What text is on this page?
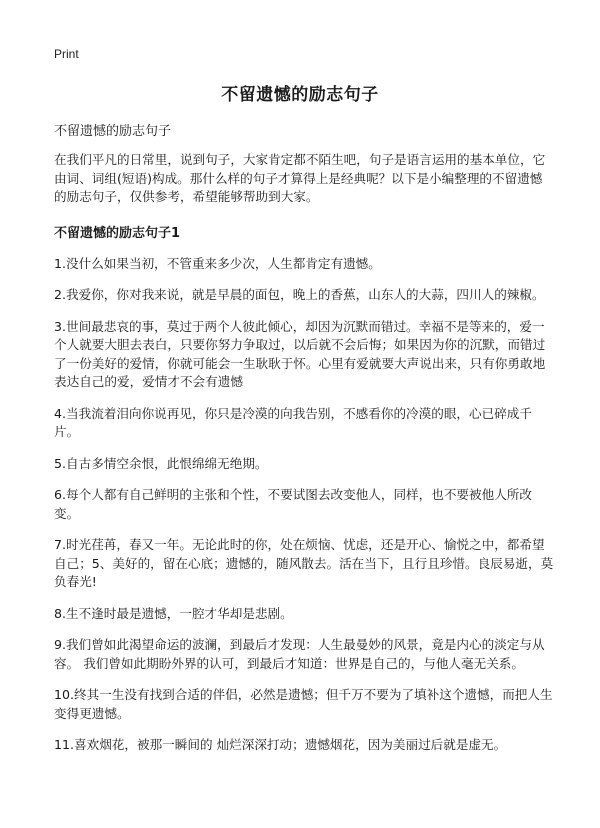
Print
不留遗憾的励志句子

不留遗憾的励志句子

在我们平凡的日常里，说到句子，大家肯定都不陌生吧，句子是语言运用的基本单位，它由词、词组(短语)构成。那什么样的句子才算得上是经典呢？以下是小编整理的不留遗憾的励志句子，仅供参考，希望能够帮助到大家。

不留遗憾的励志句子1

1.没什么如果当初，不管重来多少次，人生都肯定有遗憾。

2.我爱你，你对我来说，就是早晨的面包，晚上的香蕉，山东人的大蒜，四川人的辣椒。

3.世间最悲哀的事，莫过于两个人彼此倾心，却因为沉默而错过。幸福不是等来的，爱一个人就要大胆去表白，只要你努力争取过，以后就不会后悔；如果因为你的沉默，而错过了一份美好的爱情，你就可能会一生耿耿于怀。心里有爱就要大声说出来，只有你勇敢地表达自己的爱，爱情才不会有遗憾

4.当我流着泪向你说再见，你只是冷漠的向我告别，不感看你的冷漠的眼，心已碎成千片。

5.自古多情空余恨，此恨绵绵无绝期。

6.每个人都有自己鲜明的主张和个性，不要试图去改变他人，同样，也不要被他人所改变。

7.时光荏苒，春又一年。无论此时的你，处在烦恼、忧虑，还是开心、愉悦之中，都希望自己；5、美好的，留在心底；遗憾的，随风散去。活在当下，且行且珍惜。良辰易逝，莫负春光!

8.生不逢时最是遗憾，一腔才华却是悲剧。

9.我们曾如此渴望命运的波澜，到最后才发现：人生最曼妙的风景，竟是内心的淡定与从容。 我们曾如此期盼外界的认可，到最后才知道：世界是自己的，与他人毫无关系。

10.终其一生没有找到合适的伴侣，必然是遗憾；但千万不要为了填补这个遗憾，而把人生变得更遗憾。

11.喜欢烟花，被那一瞬间的 灿烂深深打动；遗憾烟花，因为美丽过后就是虚无。
